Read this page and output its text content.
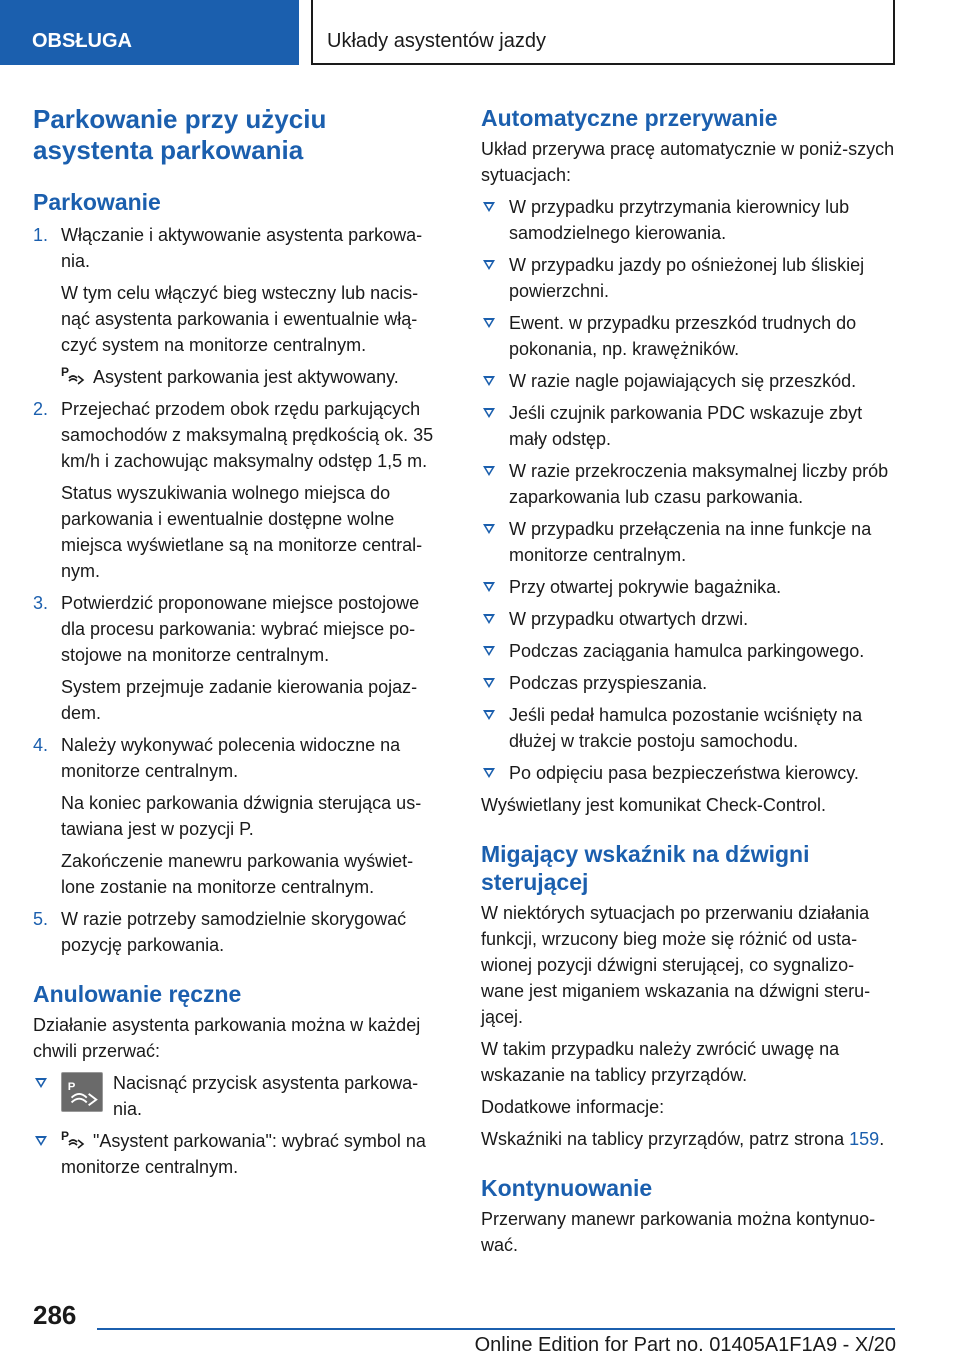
OBSŁUGA	Układy asystentów jazdy
Parkowanie przy użyciu asystenta parkowania
Parkowanie
1. Włączanie i aktywowanie asystenta parkowa-nia.
W tym celu włączyć bieg wsteczny lub nacis-nąć asystenta parkowania i ewentualnie włą-czyć system na monitorze centralnym.
P Asystent parkowania jest aktywowany.
2. Przejechać przodem obok rzędu parkujących samochodów z maksymalną prędkością ok. 35 km/h i zachowując maksymalny odstęp 1,5 m.
Status wyszukiwania wolnego miejsca do parkowania i ewentualnie dostępne wolne miejsca wyświetlane są na monitorze central-nym.
3. Potwierdzić proponowane miejsce postojowe dla procesu parkowania: wybrać miejsce po-stojowe na monitorze centralnym.
System przejmuje zadanie kierowania pojaz-dem.
4. Należy wykonywać polecenia widoczne na monitorze centralnym.
Na koniec parkowania dźwignia sterująca us-tawiana jest w pozycji P.
Zakończenie manewru parkowania wyświet-lone zostanie na monitorze centralnym.
5. W razie potrzeby samodzielnie skorygować pozycję parkowania.
Anulowanie ręczne

Działanie asystenta parkowania można w każdej chwili przerwać:

P	Nacisnąć przycisk asystenta parkowa-nia.
P "Asystent parkowania": wybrać symbol na monitorze centralnym.
Automatyczne przerywanie

Układ przerywa pracę automatycznie w poniż-szych sytuacjach:

W przypadku przytrzymania kierownicy lub samodzielnego kierowania.
W przypadku jazdy po ośnieżonej lub śliskiej powierzchni.
Ewent. w przypadku przeszkód trudnych do pokonania, np. krawężników.
W razie nagle pojawiających się przeszkód.
Jeśli czujnik parkowania PDC wskazuje zbyt mały odstęp.
W razie przekroczenia maksymalnej liczby prób zaparkowania lub czasu parkowania.
W przypadku przełączenia na inne funkcje na monitorze centralnym.
Przy otwartej pokrywie bagażnika.
W przypadku otwartych drzwi.
Podczas zaciągania hamulca parkingowego.
Podczas przyspieszania.
Jeśli pedał hamulca pozostanie wciśnięty na dłużej w trakcie postoju samochodu.
Po odpięciu pasa bezpieczeństwa kierowcy.

Wyświetlany jest komunikat Check-Control.

Migający wskaźnik na dźwigni sterującej

W niektórych sytuacjach po przerwaniu działania funkcji, wrzucony bieg może się różnić od usta-wionej pozycji dźwigni sterującej, co sygnalizo-wane jest miganiem wskazania na dźwigni steru-jącej.

W takim przypadku należy zwrócić uwagę na wskazanie na tablicy przyrządów.

Dodatkowe informacje:

Wskaźniki na tablicy przyrządów, patrz strona 159.

Kontynuowanie

Przerwany manewr parkowania można kontynuo-wać.

286
Online Edition for Part no. 01405A1F1A9 - X/20
